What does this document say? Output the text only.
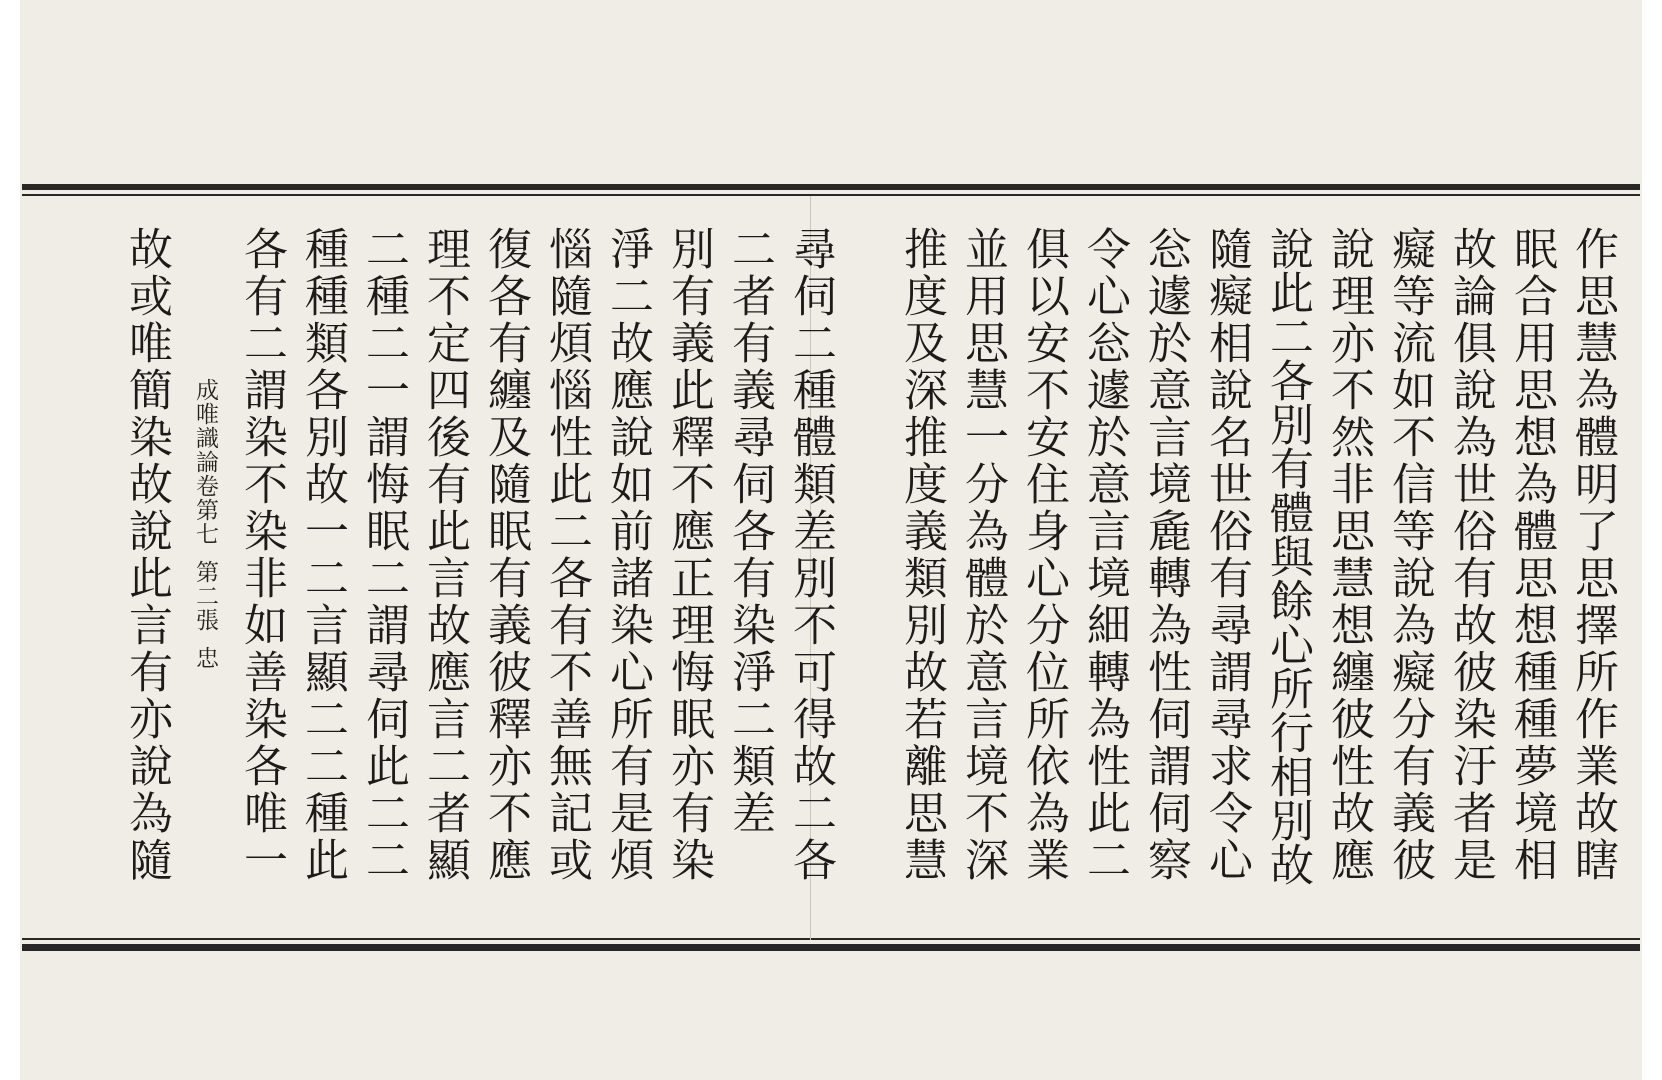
作思慧為體明了思擇所作業故瞎
眠合用思想為體思想種種夢境相
故論俱說為世俗有故彼染汙者是
癡等流如不信等說為癡分有義彼
說理亦不然非思慧想纏彼性故應
說此二各別有體與餘心所行相別故
隨癡相說名世俗有尋謂尋求令心
忩遽於意言境麁轉為性伺謂伺察
令心忩遽於意言境細轉為性此二
俱以安不安住身心分位所依為業
並用思慧一分為體於意言境不深
推度及深推度義類別故若離思慧
尋伺二種體類差別不可得故二各
二者有義尋伺各有染淨二類差
別有義此釋不應正理悔眠亦有染
淨二故應說如前諸染心所有是煩
惱隨煩惱性此二各有不善無記或
復各有纏及隨眠有義彼釋亦不應
理不定四後有此言故應言二者顯
二種二一謂悔眠二謂尋伺此二二
種種類各別故一二言顯二二種此
各有二謂染不染非如善染各唯一
故或唯簡染故說此言有亦說為隨 成唯識論卷第七第二張忠
